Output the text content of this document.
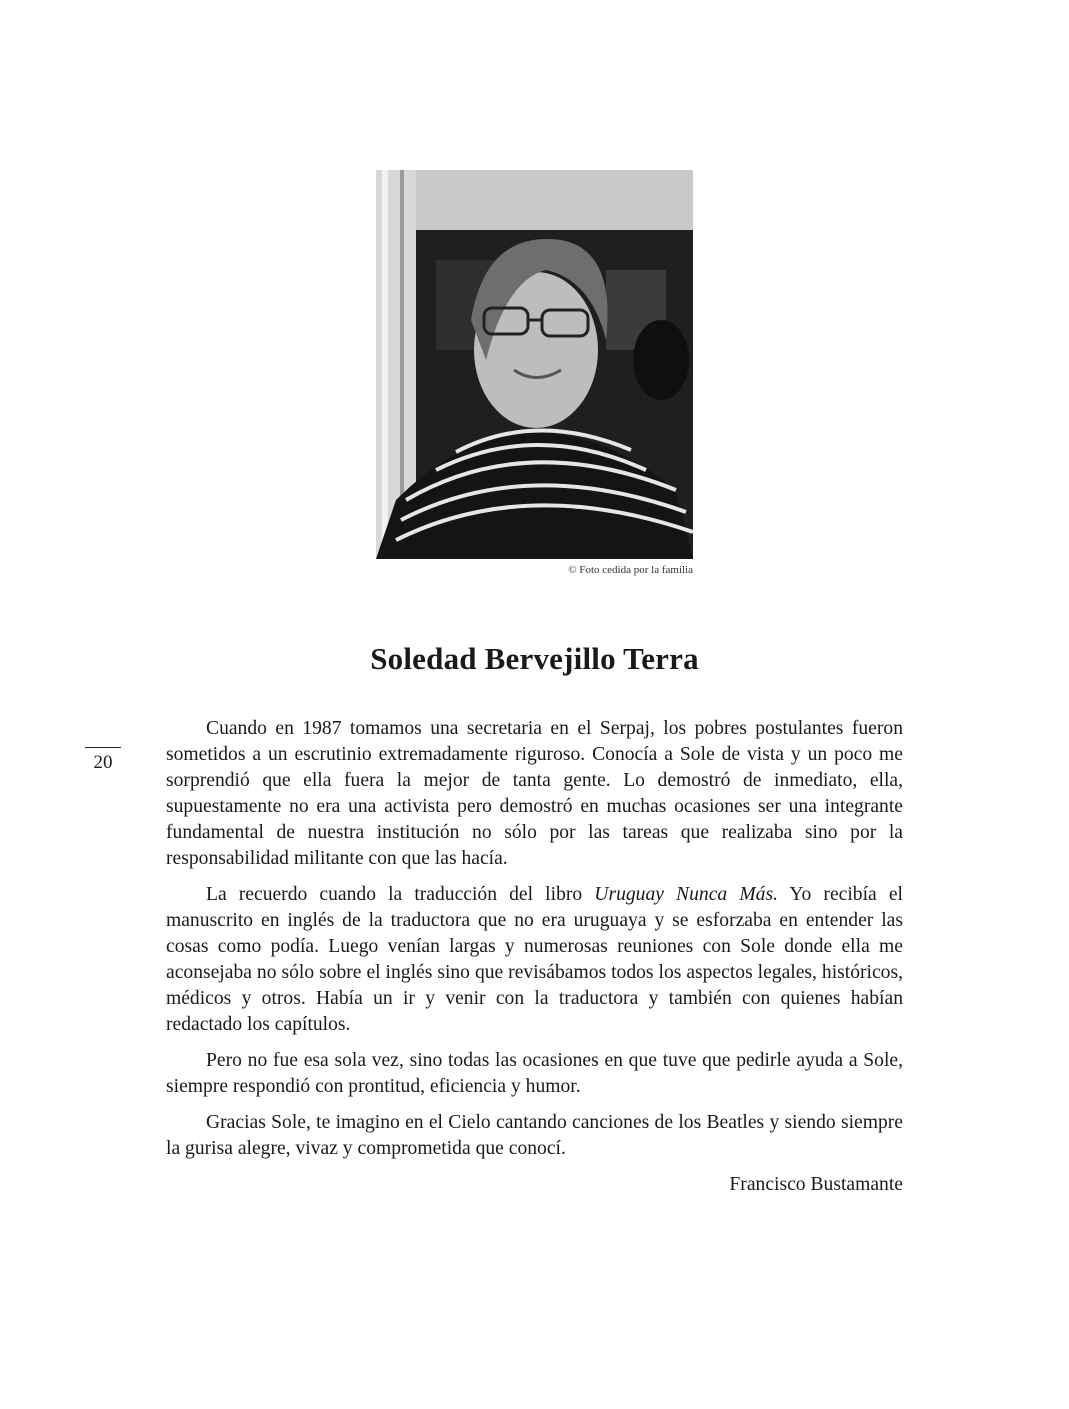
© Foto cedida por la familia
Soledad Bervejillo Terra
20

Cuando en 1987 tomamos una secretaria en el Serpaj, los pobres postulantes fueron sometidos a un escrutinio extremadamente riguroso. Conocía a Sole de vista y un poco me sorprendió que ella fuera la mejor de tanta gente. Lo demostró de inmediato, ella, supuestamente no era una activista pero demostró en muchas ocasiones ser una integrante fundamental de nuestra institución no sólo por las tareas que realizaba sino por la responsabilidad militante con que las hacía.

La recuerdo cuando la traducción del libro Uruguay Nunca Más. Yo recibía el manuscrito en inglés de la traductora que no era uruguaya y se esforzaba en entender las cosas como podía. Luego venían largas y numerosas reuniones con Sole donde ella me aconsejaba no sólo sobre el inglés sino que revisábamos todos los aspectos legales, históricos, médicos y otros. Había un ir y venir con la traductora y también con quienes habían redactado los capítulos.

Pero no fue esa sola vez, sino todas las ocasiones en que tuve que pedirle ayuda a Sole, siempre respondió con prontitud, eficiencia y humor.

Gracias Sole, te imagino en el Cielo cantando canciones de los Beatles y siendo siempre la gurisa alegre, vivaz y comprometida que conocí.

Francisco Bustamante
